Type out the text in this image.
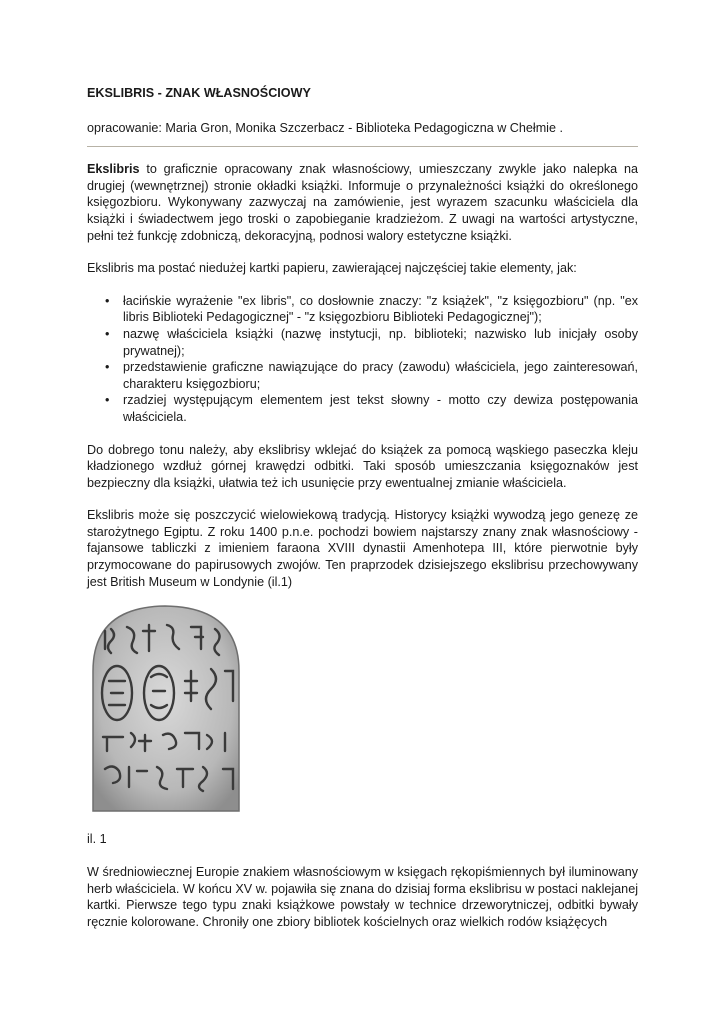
EKSLIBRIS - ZNAK WŁASNOŚCIOWY
opracowanie: Maria Gron, Monika Szczerbacz - Biblioteka Pedagogiczna w Chełmie .

Ekslibris to graficznie opracowany znak własnościowy, umieszczany zwykle jako nalepka na drugiej (wewnętrznej) stronie okładki książki. Informuje o przynależności książki do określonego księgozbioru. Wykonywany zazwyczaj na zamówienie, jest wyrazem szacunku właściciela dla książki i świadectwem jego troski o zapobieganie kradzieżom. Z uwagi na wartości artystyczne, pełni też funkcję zdobniczą, dekoracyjną, podnosi walory estetyczne książki.

Ekslibris ma postać niedużej kartki papieru, zawierającej najczęściej takie elementy, jak:

• łacińskie wyrażenie "ex libris", co dosłownie znaczy: "z książek", "z księgozbioru" (np. "ex libris Biblioteki Pedagogicznej" - "z księgozbioru Biblioteki Pedagogicznej");
• nazwę właściciela książki (nazwę instytucji, np. biblioteki; nazwisko lub inicjały osoby prywatnej);
• przedstawienie graficzne nawiązujące do pracy (zawodu) właściciela, jego zainteresowań, charakteru księgozbioru;
• rzadziej występującym elementem jest tekst słowny - motto czy dewiza postępowania właściciela.

Do dobrego tonu należy, aby ekslibrisy wklejać do książek za pomocą wąskiego paseczka kleju kładzionego wzdłuż górnej krawędzi odbitki. Taki sposób umieszczania księgoznaków jest bezpieczny dla książki, ułatwia też ich usunięcie przy ewentualnej zmianie właściciela.

Ekslibris może się poszczycić wielowiekową tradycją. Historycy książki wywodzą jego genezę ze starożytnego Egiptu. Z roku 1400 p.n.e. pochodzi bowiem najstarszy znany znak własnościowy - fajansowe tabliczki z imieniem faraona XVIII dynastii Amenhotepa III, które pierwotnie były przymocowane do papirusowych zwojów. Ten praprzodek dzisiejszego ekslibrisu przechowywany jest British Museum w Londynie (il.1)

il. 1

W średniowiecznej Europie znakiem własnościowym w księgach rękopiśmiennych był iluminowany herb właściciela. W końcu XV w. pojawiła się znana do dzisiaj forma ekslibrisu w postaci naklejanej kartki. Pierwsze tego typu znaki książkowe powstały w technice drzeworytniczej, odbitki bywały ręcznie kolorowane. Chroniły one zbiory bibliotek kościelnych oraz wielkich rodów książęcych
